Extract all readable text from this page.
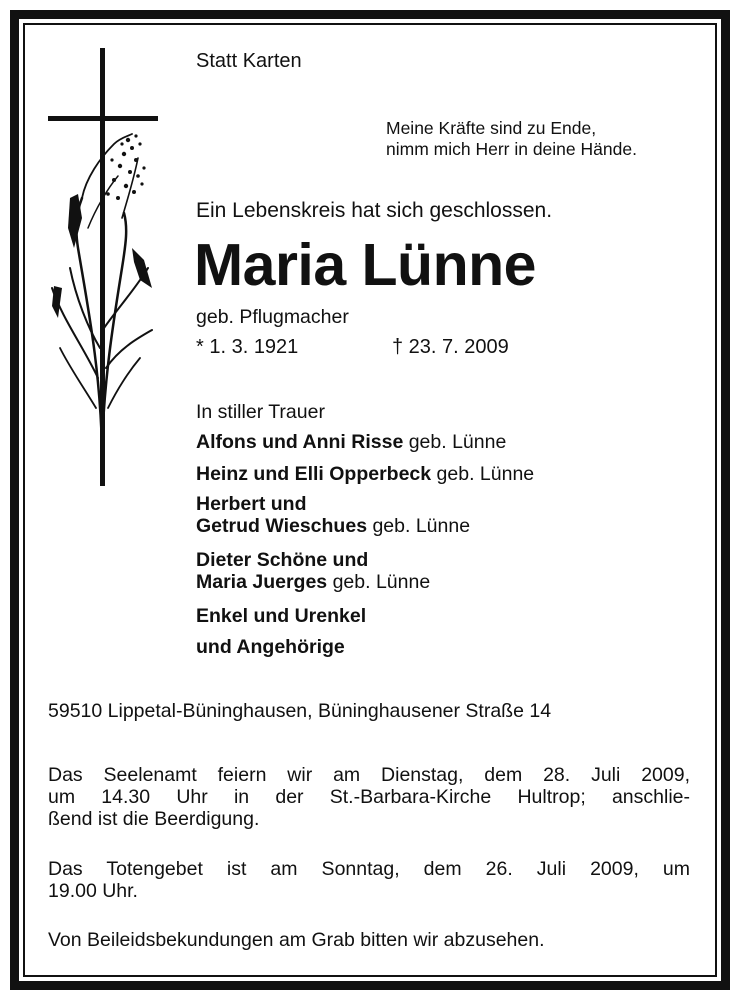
Statt Karten
Meine Kräfte sind zu Ende,
nimm mich Herr in deine Hände.
Ein Lebenskreis hat sich geschlossen.
Maria Lünne
geb. Pflugmacher
* 1. 3. 1921	† 23. 7. 2009
In stiller Trauer
Alfons und Anni Risse geb. Lünne
Heinz und Elli Opperbeck geb. Lünne
Herbert und
Getrud Wieschues geb. Lünne
Dieter Schöne und
Maria Juerges geb. Lünne
Enkel und Urenkel
und Angehörige
59510 Lippetal-Büninghausen, Büninghausener Straße 14
Das Seelenamt feiern wir am Dienstag, dem 28. Juli 2009,
um 14.30 Uhr in der St.-Barbara-Kirche Hultrop; anschlie-
ßend ist die Beerdigung.
Das Totengebet ist am Sonntag, dem 26. Juli 2009, um
19.00 Uhr.
Von Beileidsbekundungen am Grab bitten wir abzusehen.
